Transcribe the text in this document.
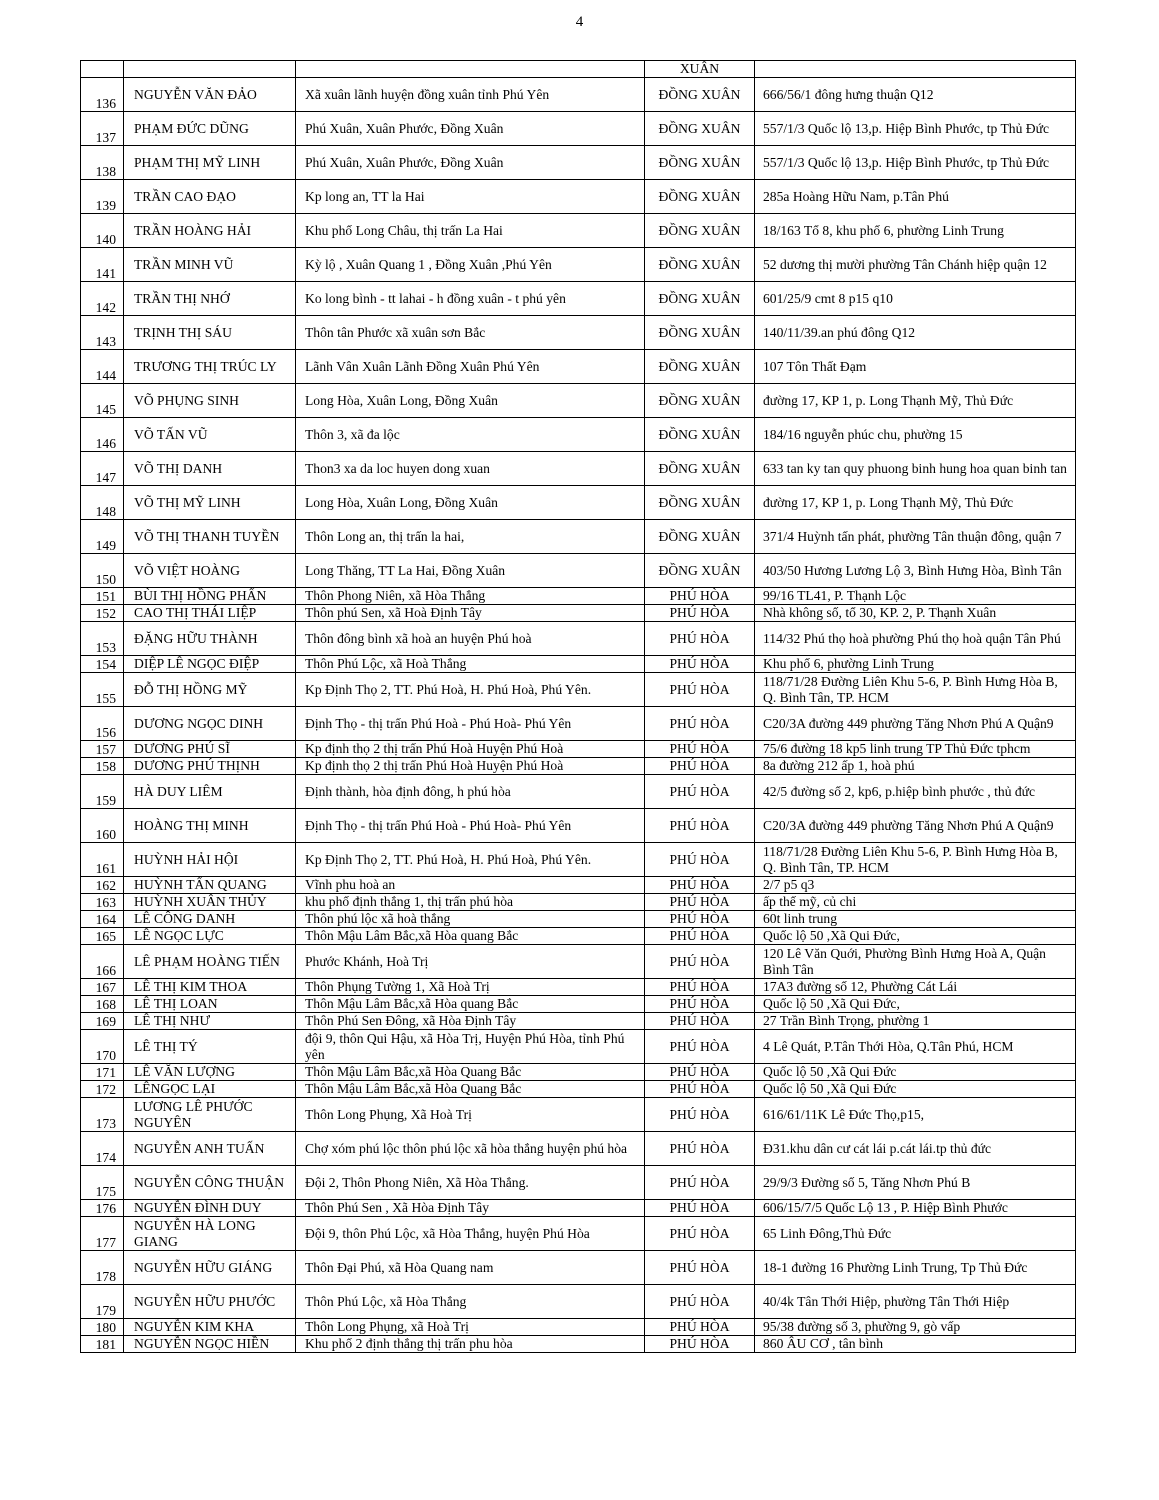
4
			XUÂN	
136	NGUYỄN VĂN ĐẢO	Xã xuân lãnh huyện đồng xuân tỉnh Phú Yên	ĐỒNG XUÂN	666/56/1 đông hưng thuận Q12
137	PHẠM ĐỨC DŨNG	Phú Xuân, Xuân Phước, Đồng Xuân	ĐỒNG XUÂN	557/1/3 Quốc lộ 13,p. Hiệp Bình Phước, tp Thủ Đức
138	PHẠM THỊ MỸ LINH	Phú Xuân, Xuân Phước, Đồng Xuân	ĐỒNG XUÂN	557/1/3 Quốc lộ 13,p. Hiệp Bình Phước, tp Thủ Đức
139	TRẦN CAO ĐẠO	Kp long an, TT la Hai	ĐỒNG XUÂN	285a Hoàng Hữu Nam, p.Tân Phú
140	TRẦN HOÀNG HẢI	Khu phố Long Châu, thị trấn La Hai	ĐỒNG XUÂN	18/163 Tổ 8, khu phố 6, phường Linh Trung
141	TRẦN MINH VŨ	Kỳ lộ , Xuân Quang 1 , Đồng Xuân ,Phú Yên	ĐỒNG XUÂN	52 dương thị mười phường Tân Chánh hiệp quận 12
142	TRẦN THỊ NHỚ	Ko long bình - tt lahai - h đồng xuân - t phú yên	ĐỒNG XUÂN	601/25/9 cmt 8 p15 q10
143	TRỊNH THỊ SÁU	Thôn tân Phước xã xuân sơn Bắc	ĐỒNG XUÂN	140/11/39.an phú đông Q12
144	TRƯƠNG THỊ TRÚC LY	Lãnh Vân Xuân Lãnh Đồng Xuân Phú Yên	ĐỒNG XUÂN	107 Tôn Thất Đạm
145	VÕ PHỤNG SINH	Long Hòa, Xuân Long, Đồng Xuân	ĐỒNG XUÂN	đường 17, KP 1, p. Long Thạnh Mỹ, Thủ Đức
146	VÕ TẤN VŨ	Thôn 3, xã đa lộc	ĐỒNG XUÂN	184/16 nguyễn phúc chu, phường 15
147	VÕ THỊ DANH	Thon3 xa da loc huyen dong xuan	ĐỒNG XUÂN	633 tan ky tan quy phuong binh hung hoa quan binh tan
148	VÕ THỊ MỸ LINH	Long Hòa, Xuân Long, Đồng Xuân	ĐỒNG XUÂN	đường 17, KP 1, p. Long Thạnh Mỹ, Thủ Đức
149	VÕ THỊ THANH TUYỀN	Thôn Long an, thị trấn la hai,	ĐỒNG XUÂN	371/4 Huỳnh tấn phát, phường Tân thuận đông, quận 7
150	VÕ VIỆT HOÀNG	Long Thăng, TT La Hai, Đồng Xuân	ĐỒNG XUÂN	403/50 Hương Lương Lộ 3, Bình Hưng Hòa, Bình Tân
151	BÙI THỊ HỒNG PHẤN	Thôn Phong Niên, xã Hòa Thắng	PHÚ HÒA	99/16 TL41, P. Thạnh Lộc
152	CAO THỊ THÁI LIỆP	Thôn phú Sen, xã Hoà Định Tây	PHÚ HÒA	Nhà không số, tổ 30, KP. 2, P. Thạnh Xuân
153	ĐẶNG HỮU THÀNH	Thôn đông bình xã hoà an huyện Phú hoà	PHÚ HÒA	114/32 Phú thọ hoà phường Phú thọ hoà quận Tân Phú
154	DIỆP LÊ NGỌC ĐIỆP	Thôn Phú Lộc, xã Hoà Thắng	PHÚ HÒA	Khu phố 6, phường Linh Trung
155	ĐỖ THỊ HỒNG MỸ	Kp Định Thọ 2, TT. Phú Hoà, H. Phú Hoà, Phú Yên.	PHÚ HÒA	118/71/28 Đường Liên Khu 5-6, P. Bình Hưng Hòa B, Q. Bình Tân, TP. HCM
156	DƯƠNG NGỌC DINH	Định Thọ - thị trấn Phú Hoà - Phú Hoà- Phú Yên	PHÚ HÒA	C20/3A đường 449 phường Tăng Nhơn Phú A Quận9
157	DƯƠNG PHÚ SĨ	Kp định thọ 2 thị trấn Phú Hoà Huyện Phú Hoà	PHÚ HÒA	75/6 đường 18 kp5 linh trung TP Thủ Đức tphcm
158	DƯƠNG PHÚ THỊNH	Kp định thọ 2 thị trấn Phú Hoà Huyện Phú Hoà	PHÚ HÒA	8a đường 212 ấp 1, hoà phú
159	HÀ DUY LIÊM	Định thành, hòa định đông, h phú hòa	PHÚ HÒA	42/5 đường số 2, kp6, p.hiệp bình phước , thủ đức
160	HOÀNG THỊ MINH	Định Thọ - thị trấn Phú Hoà - Phú Hoà- Phú Yên	PHÚ HÒA	C20/3A đường 449 phường Tăng Nhơn Phú A Quận9
161	HUỲNH HẢI HỘI	Kp Định Thọ 2, TT. Phú Hoà, H. Phú Hoà, Phú Yên.	PHÚ HÒA	118/71/28 Đường Liên Khu 5-6, P. Bình Hưng Hòa B, Q. Bình Tân, TP. HCM
162	HUỲNH TẤN QUANG	Vĩnh phu hoà an	PHÚ HÒA	2/7 p5 q3
163	HUỲNH XUÂN THỦY	khu phố định thắng 1, thị trấn phú hòa	PHÚ HÒA	ấp thế mỹ, củ chi
164	LÊ CÔNG DANH	Thôn phú lộc xã hoà thắng	PHÚ HÒA	60t linh trung
165	LÊ NGỌC LỰC	Thôn Mậu Lâm Bắc,xã Hòa quang Bắc	PHÚ HÒA	Quốc lộ 50 ,Xã Qui Đức,
166	LÊ PHẠM HOÀNG TIẾN	Phước Khánh, Hoà Trị	PHÚ HÒA	120 Lê Văn Quới, Phường Bình Hưng Hoà A, Quận Bình Tân
167	LÊ THỊ KIM THOA	Thôn Phụng Tường 1, Xã Hoà Trị	PHÚ HÒA	17A3 đường số 12, Phường Cát Lái
168	LÊ THỊ LOAN	Thôn Mậu Lâm Bắc,xã Hòa quang Bắc	PHÚ HÒA	Quốc lộ 50 ,Xã Qui Đức,
169	LÊ THỊ NHƯ	Thôn Phú Sen Đông, xã Hòa Định Tây	PHÚ HÒA	27 Trần Bình Trọng, phường 1
170	LÊ THỊ TÝ	đội 9, thôn Qui Hậu, xã Hòa Trị, Huyện Phú Hòa, tỉnh Phú yên	PHÚ HÒA	4 Lê Quát, P.Tân Thới Hòa, Q.Tân Phú, HCM
171	LÊ VĂN LƯỢNG	Thôn Mậu Lâm Bắc,xã Hòa Quang Bắc	PHÚ HÒA	Quốc lộ 50 ,Xã Qui Đức
172	LÊNGỌC LẠI	Thôn Mậu Lâm Bắc,xã Hòa Quang Bắc	PHÚ HÒA	Quốc lộ 50 ,Xã Qui Đức
173	LƯƠNG LÊ PHƯỚC NGUYÊN	Thôn Long Phụng, Xã Hoà Trị	PHÚ HÒA	616/61/11K Lê Đức Thọ,p15,
174	NGUYỄN ANH TUẤN	Chợ xóm phú lộc thôn phú lộc xã hòa thắng huyện phú hòa	PHÚ HÒA	Đ31.khu dân cư cát lái p.cát lái.tp thủ đức
175	NGUYỄN CÔNG THUẬN	Đội 2, Thôn Phong Niên, Xã Hòa Thắng.	PHÚ HÒA	29/9/3 Đường số 5, Tăng Nhơn Phú B
176	NGUYỄN ĐÌNH DUY	Thôn Phú Sen , Xã Hòa Định Tây	PHÚ HÒA	606/15/7/5 Quốc Lộ 13 , P. Hiệp Bình Phước
177	NGUYỄN HÀ LONG GIANG	Đội 9, thôn Phú Lộc, xã Hòa Thắng, huyện Phú Hòa	PHÚ HÒA	65 Linh Đông,Thủ Đức
178	NGUYỄN HỮU GIÁNG	Thôn Đại Phú, xã Hòa Quang nam	PHÚ HÒA	18-1 đường 16 Phường Linh Trung, Tp Thủ Đức
179	NGUYỄN HỮU PHƯỚC	Thôn Phú Lộc, xã Hòa Thắng	PHÚ HÒA	40/4k Tân Thới Hiệp, phường Tân Thới Hiệp
180	NGUYỄN KIM KHA	Thôn Long Phụng, xã Hoà Trị	PHÚ HÒA	95/38 đường số 3, phường 9, gò vấp
181	NGUYỄN NGỌC HIỀN	Khu phố 2 định thắng thị trấn phu hòa	PHÚ HÒA	860 ÂU CƠ , tân bình
